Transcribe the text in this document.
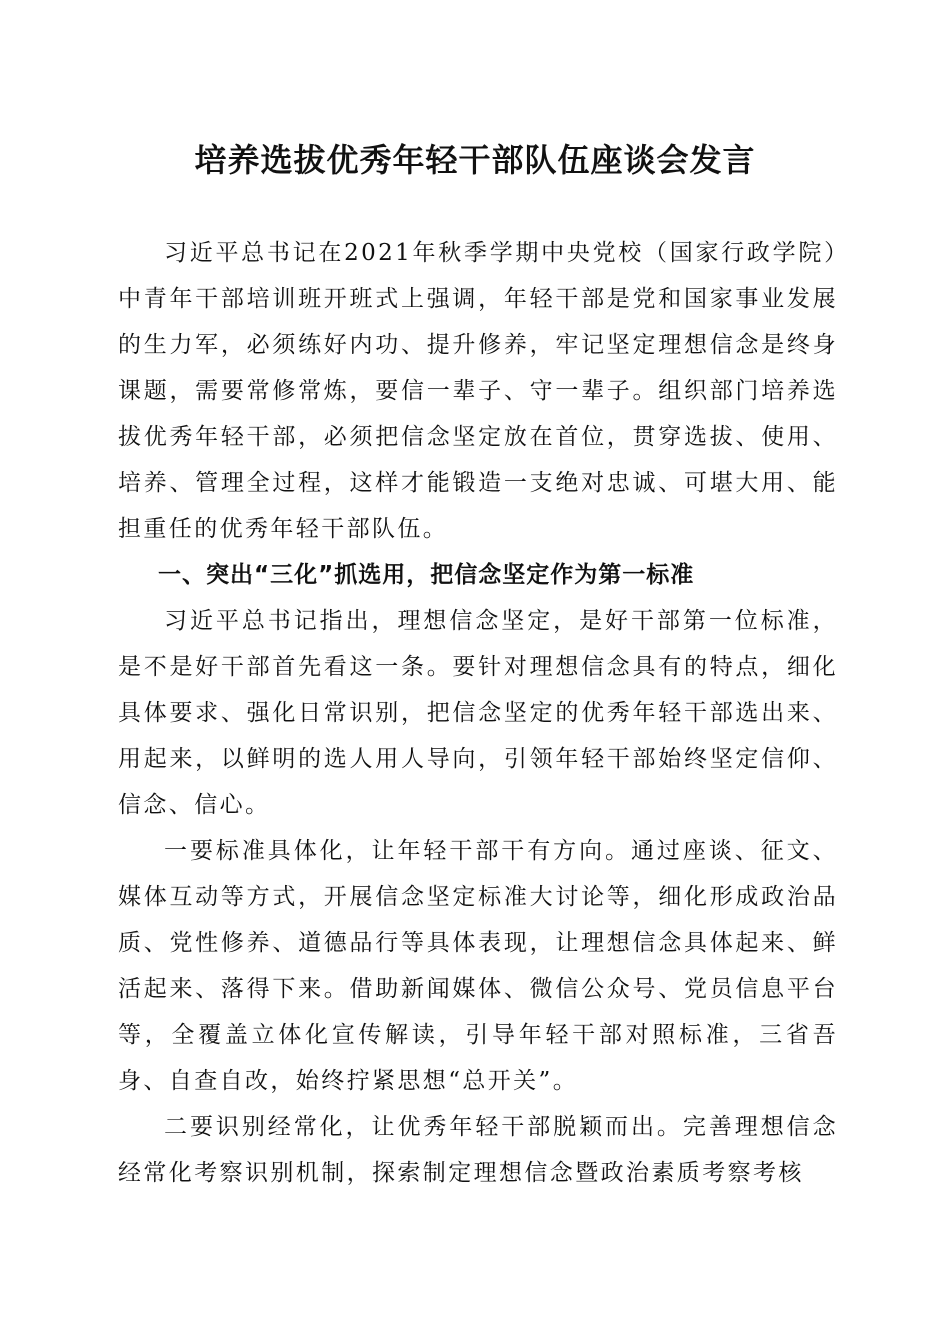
培养选拔优秀年轻干部队伍座谈会发言

习近平总书记在2021年秋季学期中央党校（国家行政学院）中青年干部培训班开班式上强调，年轻干部是党和国家事业发展的生力军，必须练好内功、提升修养，牢记坚定理想信念是终身课题，需要常修常炼，要信一辈子、守一辈子。组织部门培养选拔优秀年轻干部，必须把信念坚定放在首位，贯穿选拔、使用、培养、管理全过程，这样才能锻造一支绝对忠诚、可堪大用、能担重任的优秀年轻干部队伍。

一、突出“三化”抓选用，把信念坚定作为第一标准

习近平总书记指出，理想信念坚定，是好干部第一位标准，是不是好干部首先看这一条。要针对理想信念具有的特点，细化具体要求、强化日常识别，把信念坚定的优秀年轻干部选出来、用起来，以鲜明的选人用人导向，引领年轻干部始终坚定信仰、信念、信心。

一要标准具体化，让年轻干部干有方向。通过座谈、征文、媒体互动等方式，开展信念坚定标准大讨论等，细化形成政治品质、党性修养、道德品行等具体表现，让理想信念具体起来、鲜活起来、落得下来。借助新闻媒体、微信公众号、党员信息平台等，全覆盖立体化宣传解读，引导年轻干部对照标准，三省吾身、自查自改，始终拧紧思想“总开关”。

二要识别经常化，让优秀年轻干部脱颖而出。完善理想信念经常化考察识别机制，探索制定理想信念暨政治素质考察考核
